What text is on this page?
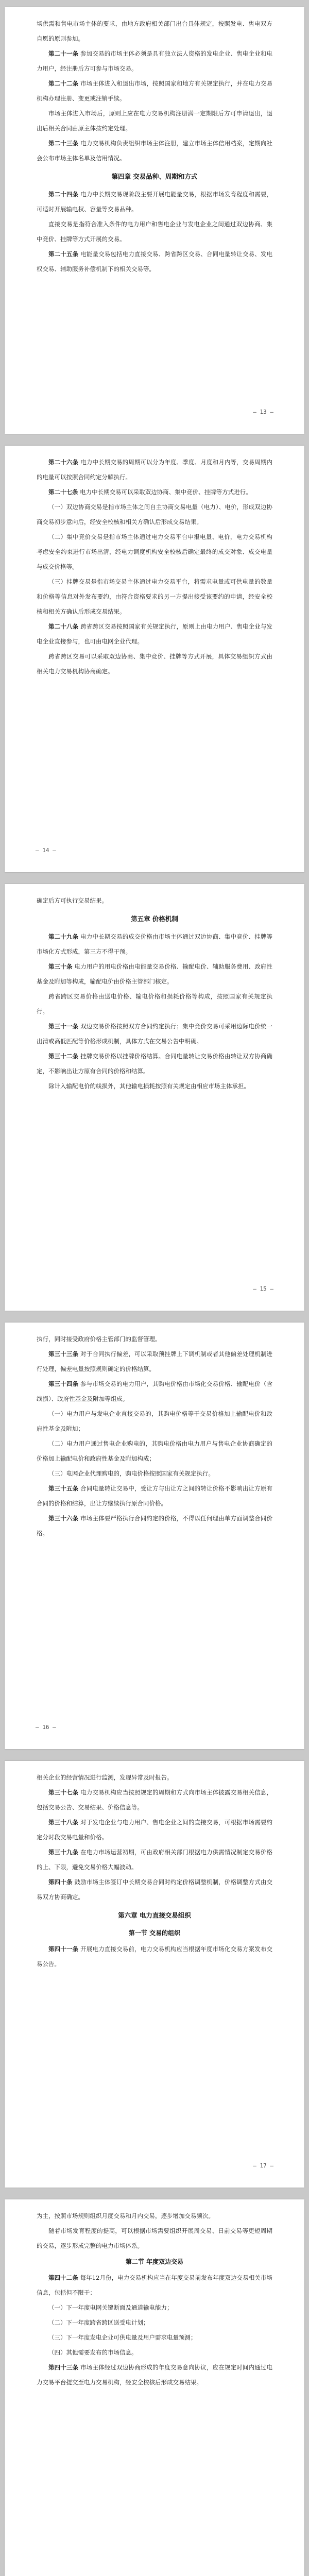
场供需和售电市场主体的要求，由地方政府相关部门出台具体规定，按照发电、售电双方自愿的原则参加。

第二十一条 参加交易的市场主体必须是具有独立法人资格的发电企业、售电企业和电力用户，经注册后方可参与市场交易。

第二十二条 市场主体进入和退出市场，按照国家和地方有关规定执行，并在电力交易机构办理注册、变更或注销手续。

市场主体进入市场后，原则上应在电力交易机构注册满一定期限后方可申请退出，退出后相关合同由原主体按约定处理。

第二十三条 电力交易机构负责组织市场主体注册，建立市场主体信用档案，定期向社会公布市场主体名单及信用情况。

第四章 交易品种、周期和方式

第二十四条 电力中长期交易现阶段主要开展电能量交易，根据市场发育程度和需要，可适时开展输电权、容量等交易品种。

直接交易是指符合准入条件的电力用户和售电企业与发电企业之间通过双边协商、集中竞价、挂牌等方式开展的交易。

第二十五条 电能量交易包括电力直接交易、跨省跨区交易、合同电量转让交易、发电权交易、辅助服务补偿机制下的相关交易等。

— 13 —

第二十六条 电力中长期交易的周期可以分为年度、季度、月度和月内等，交易周期内的电量可以按照合同约定分解执行。

第二十七条 电力中长期交易可以采取双边协商、集中竞价、挂牌等方式进行。

（一）双边协商交易是指市场主体之间自主协商交易电量（电力）、电价，形成双边协商交易初步意向后，经安全校核和相关方确认后形成交易结果。

（二）集中竞价交易是指市场主体通过电力交易平台申报电量、电价，电力交易机构考虑安全约束进行市场出清，经电力调度机构安全校核后确定最终的成交对象、成交电量与成交价格等。

（三）挂牌交易是指市场交易主体通过电力交易平台，将需求电量或可供电量的数量和价格等信息对外发布要约，由符合资格要求的另一方提出接受该要约的申请，经安全校核和相关方确认后形成交易结果。

第二十八条 跨省跨区交易按照国家有关规定执行，原则上由电力用户、售电企业与发电企业直接参与，也可由电网企业代理。

跨省跨区交易可以采取双边协商、集中竞价、挂牌等方式开展，具体交易组织方式由相关电力交易机构协商确定。

— 14 —

确定后方可执行交易结果。

第五章 价格机制

第二十九条 电力中长期交易的成交价格由市场主体通过双边协商、集中竞价、挂牌等市场化方式形成，第三方不得干预。

第三十条 电力用户的用电价格由电能量交易价格、输配电价、辅助服务费用、政府性基金及附加等构成，输配电价由价格主管部门核定。

跨省跨区交易价格由送电价格、输电价格和损耗价格等构成，按照国家有关规定执行。

第三十一条 双边交易价格按照双方合同约定执行；集中竞价交易可采用边际电价统一出清或高低匹配等价格形成机制，具体方式在交易公告中明确。

第三十二条 挂牌交易价格以挂牌价格结算。合同电量转让交易价格由转让双方协商确定，不影响出让方原有合同的价格和结算。

除计入输配电价的线损外，其他输电损耗按照有关规定由相应市场主体承担。

— 15 —

执行，同时接受政府价格主管部门的监督管理。

第三十三条 对于合同执行偏差，可以采取预挂牌上下调机制或者其他偏差处理机制进行处理，偏差电量按照规则确定的价格结算。

第三十四条 参与市场交易的电力用户，其购电价格由市场化交易价格、输配电价（含线损）、政府性基金及附加等组成。

（一）电力用户与发电企业直接交易的，其购电价格等于交易价格加上输配电价和政府性基金及附加；

（二）电力用户通过售电企业购电的，其购电价格由电力用户与售电企业协商确定的价格加上输配电价和政府性基金及附加构成；

（三）电网企业代理购电的，购电价格按照国家有关规定执行。

第三十五条 合同电量转让交易中，受让方与出让方之间的转让价格不影响出让方原有合同的价格和结算，出让方继续执行原合同价格。

第三十六条 市场主体要严格执行合同约定的价格，不得以任何理由单方面调整合同价格。

— 16 —

相关企业的经营情况进行监测，发现异常及时报告。

第三十七条 电力交易机构应当按照规定的周期和方式向市场主体披露交易相关信息，包括交易公告、交易结果、价格信息等。

第三十八条 对于发电企业与电力用户、售电企业之间的直接交易，可根据市场需要约定分时段交易电量和价格。

第三十九条 在电力市场运营初期，可由政府相关部门根据电力供需情况制定交易价格的上、下限，避免交易价格大幅波动。

第四十条 鼓励市场主体签订中长期交易合同时约定价格调整机制，价格调整方式由交易双方协商确定。

第六章 电力直接交易组织
第一节 交易的组织

第四十一条 开展电力直接交易前，电力交易机构应当根据年度市场化交易方案发布交易公告。

— 17 —

为主，按照市场规则组织月度交易和月内交易，逐步增加交易频次。

随着市场发育程度的提高，可以根据市场需要组织开展周交易、日前交易等更短周期的交易，逐步形成完整的电力市场体系。

第二节 年度双边交易

第四十二条 每年12月份，电力交易机构应当在年度交易前发布年度双边交易相关市场信息，包括但不限于：

（一）下一年度电网关键断面及通道输电能力；

（二）下一年度跨省跨区送受电计划；

（三）下一年度发电企业可供电量及用户需求电量预测；

（四）其他需要发布的市场信息。

第四十三条 市场主体经过双边协商形成的年度交易意向协议，应在规定时间内通过电力交易平台提交至电力交易机构，经安全校核后形成交易结果。
